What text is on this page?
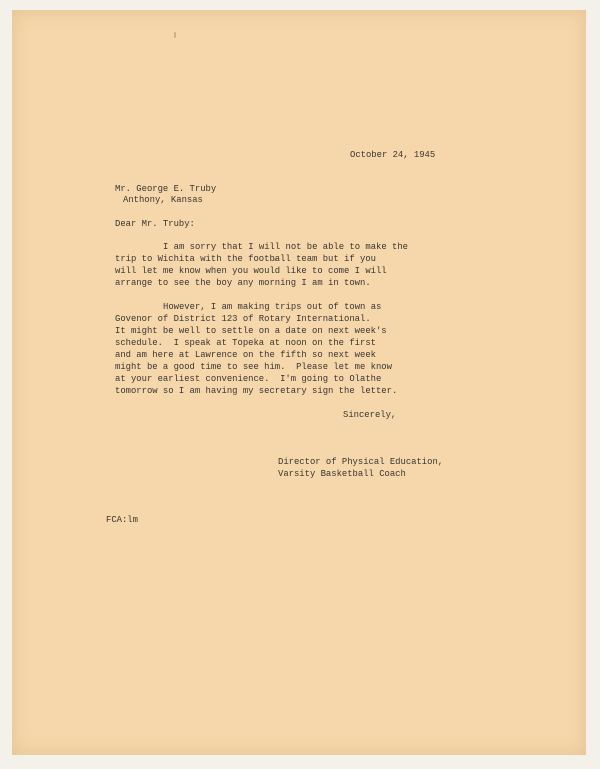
October 24, 1945

Mr. George E. Truby

Anthony, Kansas

Dear Mr. Truby:

I am sorry that I will not be able to make the

trip to Wichita with the football team but if you

will let me know when you would like to come I will

arrange to see the boy any morning I am in town.

However, I am making trips out of town as

Govenor of District 123 of Rotary International.

It might be well to settle on a date on next week's

schedule.  I speak at Topeka at noon on the first

and am here at Lawrence on the fifth so next week

might be a good time to see him.  Please let me know

at your earliest convenience.  I'm going to Olathe

tomorrow so I am having my secretary sign the letter.

Sincerely,

Director of Physical Education,

Varsity Basketball Coach

FCA:lm
